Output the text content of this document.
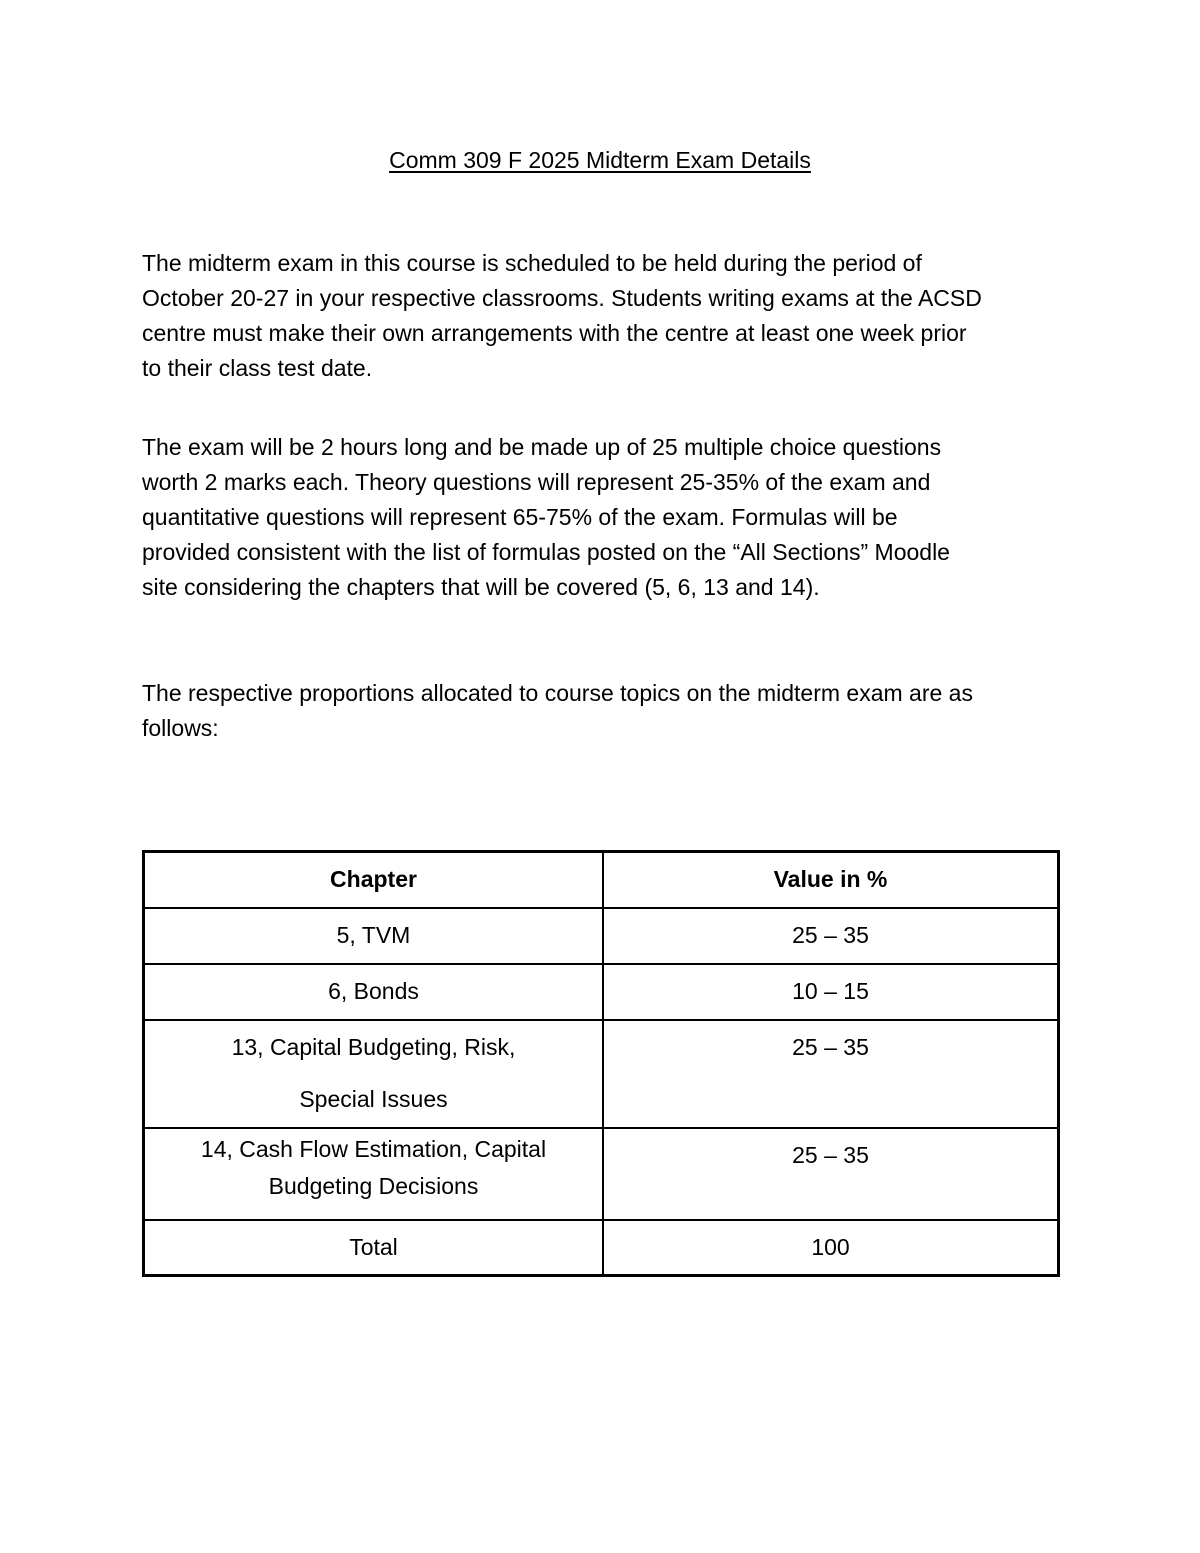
Comm 309 F 2025 Midterm Exam Details

The midterm exam in this course is scheduled to be held during the period of
October 20-27 in your respective classrooms. Students writing exams at the ACSD
centre must make their own arrangements with the centre at least one week prior
to their class test date.

The exam will be 2 hours long and be made up of 25 multiple choice questions
worth 2 marks each. Theory questions will represent 25-35% of the exam and
quantitative questions will represent 65-75% of the exam. Formulas will be
provided consistent with the list of formulas posted on the “All Sections” Moodle
site considering the chapters that will be covered (5, 6, 13 and 14).

The respective proportions allocated to course topics on the midterm exam are as
follows:

Chapter	Value in %

5, TVM	25 – 35

6, Bonds	10 – 15

13, Capital Budgeting, Risk,
Special Issues	25 – 35

14, Cash Flow Estimation, Capital
Budgeting Decisions	25 – 35

Total	100
